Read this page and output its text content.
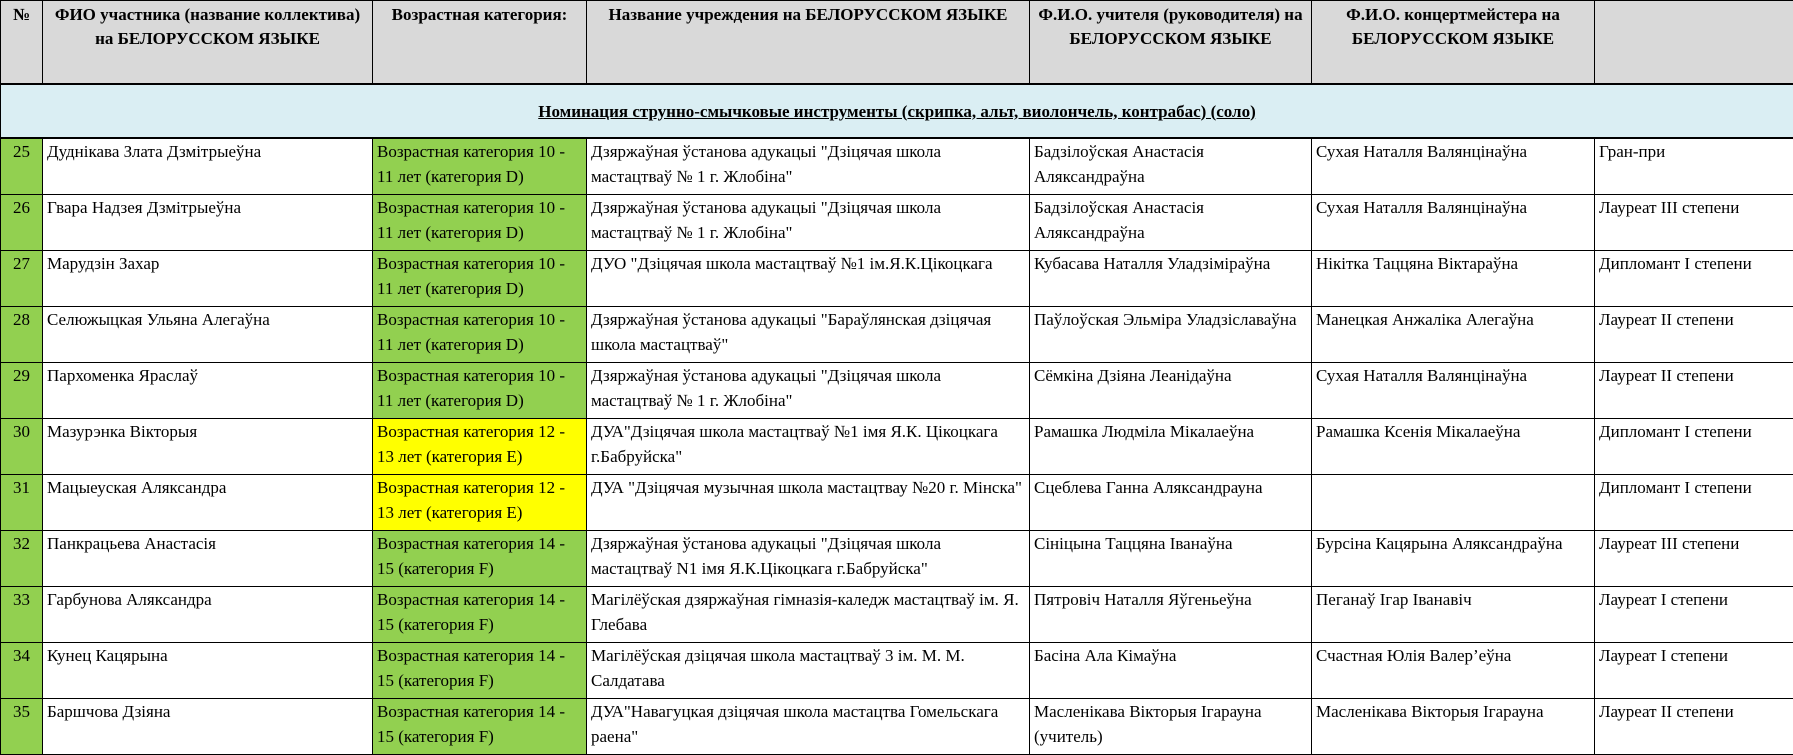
№	ФИО участника (название коллектива) на БЕЛОРУССКОМ ЯЗЫКЕ	Возрастная категория:	Название учреждения на БЕЛОРУССКОМ ЯЗЫКЕ	Ф.И.О. учителя (руководителя) на БЕЛОРУССКОМ ЯЗЫКЕ	Ф.И.О. концертмейстера на БЕЛОРУССКОМ ЯЗЫКЕ	
Номинация струнно-смычковые инструменты (скрипка, альт, виолончель, контрабас) (соло)						
25	Дуднікава Злата Дзмітрыеўна	Возрастная категория 10 - 11 лет (категория D)	Дзяржаўная ўстанова адукацыі "Дзіцячая школа мастацтваў № 1 г. Жлобіна"	Бадзілоўская Анастасія Аляксандраўна	Сухая Наталля Валянцінаўна	Гран-при
26	Гвара Надзея Дзмітрыеўна	Возрастная категория 10 - 11 лет (категория D)	Дзяржаўная ўстанова адукацыі "Дзіцячая школа мастацтваў № 1 г. Жлобіна"	Бадзілоўская Анастасія Аляксандраўна	Сухая Наталля Валянцінаўна	Лауреат III степени
27	Марудзін Захар	Возрастная категория 10 - 11 лет (категория D)	ДУО "Дзіцячая школа мастацтваў №1 ім.Я.К.Цікоцкага	Кубасава Наталля Уладзіміраўна	Нікітка Таццяна Віктараўна	Дипломант I степени
28	Селюжыцкая Ульяна Алегаўна	Возрастная категория 10 - 11 лет (категория D)	Дзяржаўная ўстанова адукацыі "Бараўлянская дзіцячая школа мастацтваў"	Паўлоўская Эльміра Уладзіславаўна	Манецкая Анжаліка Алегаўна	Лауреат II степени
29	Пархоменка Яраслаў	Возрастная категория 10 - 11 лет (категория D)	Дзяржаўная ўстанова адукацыі "Дзіцячая школа мастацтваў № 1 г. Жлобіна"	Сёмкіна Дзіяна Леанідаўна	Сухая Наталля Валянцінаўна	Лауреат II степени
30	Мазурэнка Вікторыя	Возрастная категория 12 - 13 лет (категория E)	ДУА"Дзіцячая школа мастацтваў №1 імя Я.К. Цікоцкага г.Бабруйска"	Рамашка Людміла Мікалаеўна	Рамашка Ксенія Мікалаеўна	Дипломант I степени
31	Мацыеуская Аляксандра	Возрастная категория 12 - 13 лет (категория E)	ДУА "Дзіцячая музычная школа мастацтвау №20 г. Мінска"	Сцеблева Ганна Аляксандрауна		Дипломант I степени
32	Панкрацьева Анастасія	Возрастная категория 14 - 15 (категория F)	Дзяржаўная ўстанова адукацыі "Дзіцячая школа мастацтваў N1 імя Я.К.Цікоцкага г.Бабруйска"	Сініцына Таццяна Іванаўна	Бурсіна Кацярына Аляксандраўна	Лауреат III степени
33	Гарбунова Аляксандра	Возрастная категория 14 - 15 (категория F)	Магілёўская дзяржаўная гімназія-каледж мастацтваў ім. Я. Глебава	Пятровіч Наталля Яўгеньеўна	Пеганаў Ігар Іванавіч	Лауреат I степени
34	Кунец Кацярына	Возрастная категория 14 - 15 (категория F)	Магілёўская дзіцячая школа мастацтваў 3 ім. М. М. Салдатава	Басіна Ала Кімаўна	Счастная Юлія Валер’еўна	Лауреат I степени
35	Баршчова Дзіяна	Возрастная категория 14 - 15 (категория F)	ДУА"Навагуцкая дзіцячая школа мастацтва Гомельскага раена"	Масленікава Вікторыя Ігарауна (учитель)	Масленікава Вікторыя Ігарауна	Лауреат II степени
